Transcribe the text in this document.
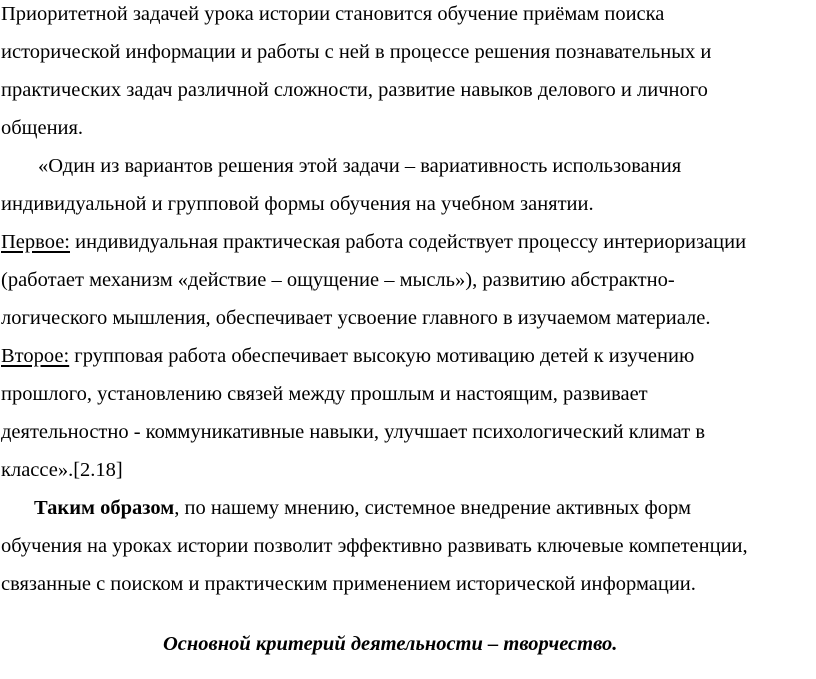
Приоритетной задачей урока истории становится обучение приёмам поиска
исторической информации и работы с ней в процессе решения познавательных и
практических задач различной сложности, развитие навыков делового и личного
общения.
«Один из вариантов решения этой задачи – вариативность использования
индивидуальной и групповой формы обучения на учебном занятии.
Первое: индивидуальная практическая работа содействует процессу интериоризации
(работает механизм «действие – ощущение – мысль»), развитию абстрактно-
логического мышления, обеспечивает усвоение главного в изучаемом материале.
Второе: групповая работа обеспечивает высокую мотивацию детей к изучению
прошлого, установлению связей между прошлым и настоящим, развивает
деятельностно - коммуникативные навыки, улучшает психологический климат в
классе».[2.18]
Таким образом, по нашему мнению, системное внедрение активных форм
обучения на уроках истории позволит эффективно развивать ключевые компетенции,
связанные с поиском и практическим применением исторической информации.
Основной критерий деятельности – творчество.
